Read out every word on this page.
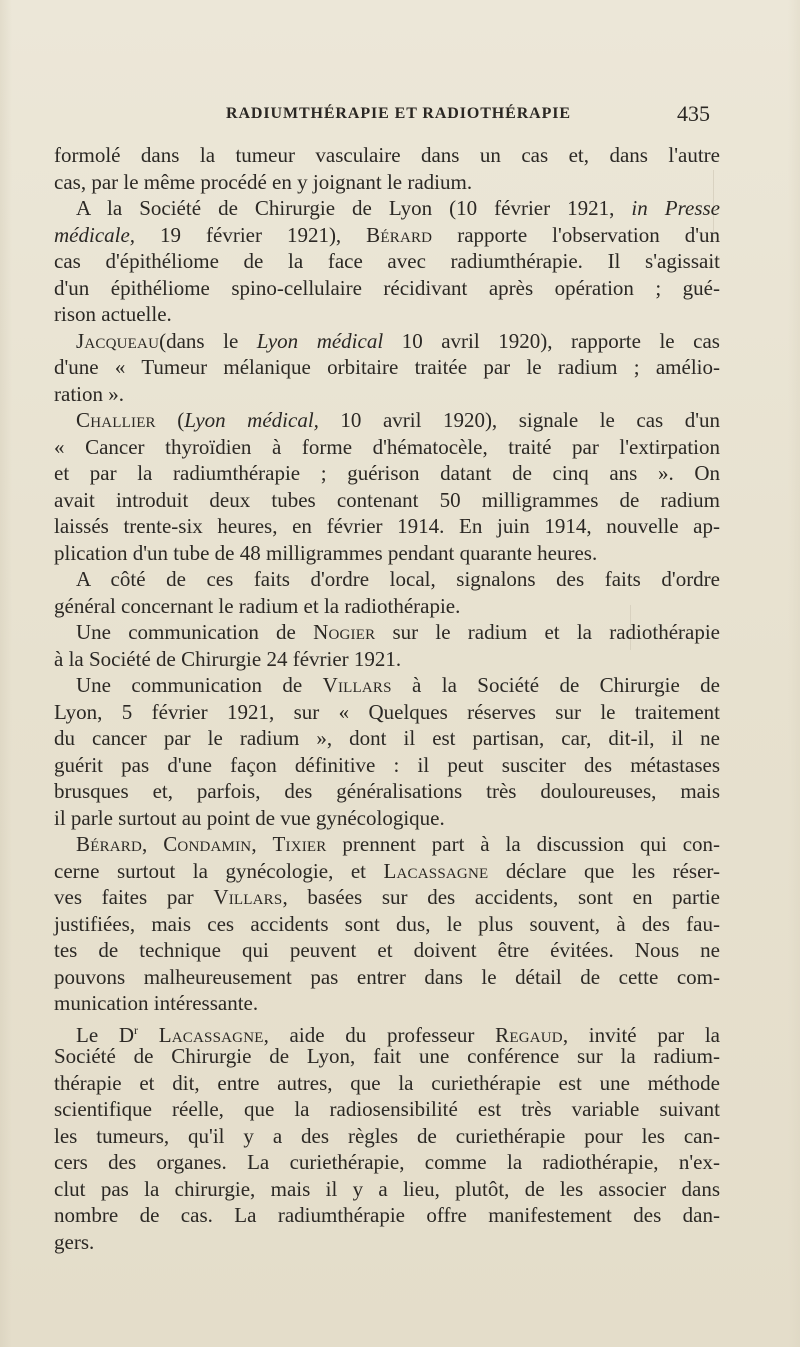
RADIUMTHÉRAPIE ET RADIOTHÉRAPIE	435
formolé dans la tumeur vasculaire dans un cas et, dans l'autre
cas, par le même procédé en y joignant le radium.
A la Société de Chirurgie de Lyon (10 février 1921, in Presse
médicale, 19 février 1921), Bérard rapporte l'observation d'un
cas d'épithéliome de la face avec radiumthérapie. Il s'agissait
d'un épithéliome spino-cellulaire récidivant après opération ; gué-
rison actuelle.
Jacqueau(dans le Lyon médical 10 avril 1920), rapporte le cas
d'une « Tumeur mélanique orbitaire traitée par le radium ; amélio-
ration ».
Challier (Lyon médical, 10 avril 1920), signale le cas d'un
« Cancer thyroïdien à forme d'hématocèle, traité par l'extirpation
et par la radiumthérapie ; guérison datant de cinq ans ». On
avait introduit deux tubes contenant 50 milligrammes de radium
laissés trente-six heures, en février 1914. En juin 1914, nouvelle ap-
plication d'un tube de 48 milligrammes pendant quarante heures.
A côté de ces faits d'ordre local, signalons des faits d'ordre
général concernant le radium et la radiothérapie.
Une communication de Nogier sur le radium et la radiothérapie
à la Société de Chirurgie 24 février 1921.
Une communication de Villars à la Société de Chirurgie de
Lyon, 5 février 1921, sur « Quelques réserves sur le traitement
du cancer par le radium », dont il est partisan, car, dit-il, il ne
guérit pas d'une façon définitive : il peut susciter des métastases
brusques et, parfois, des généralisations très douloureuses, mais
il parle surtout au point de vue gynécologique.
Bérard, Condamin, Tixier prennent part à la discussion qui con-
cerne surtout la gynécologie, et Lacassagne déclare que les réser-
ves faites par Villars, basées sur des accidents, sont en partie
justifiées, mais ces accidents sont dus, le plus souvent, à des fau-
tes de technique qui peuvent et doivent être évitées. Nous ne
pouvons malheureusement pas entrer dans le détail de cette com-
munication intéressante.
Le $D^r$ Lacassagne, aide du professeur Regaud, invité par la
Société de Chirurgie de Lyon, fait une conférence sur la radium-
thérapie et dit, entre autres, que la curiethérapie est une méthode
scientifique réelle, que la radiosensibilité est très variable suivant
les tumeurs, qu'il y a des règles de curiethérapie pour les can-
cers des organes. La curiethérapie, comme la radiothérapie, n'ex-
clut pas la chirurgie, mais il y a lieu, plutôt, de les associer dans
nombre de cas. La radiumthérapie offre manifestement des dan-
gers.
